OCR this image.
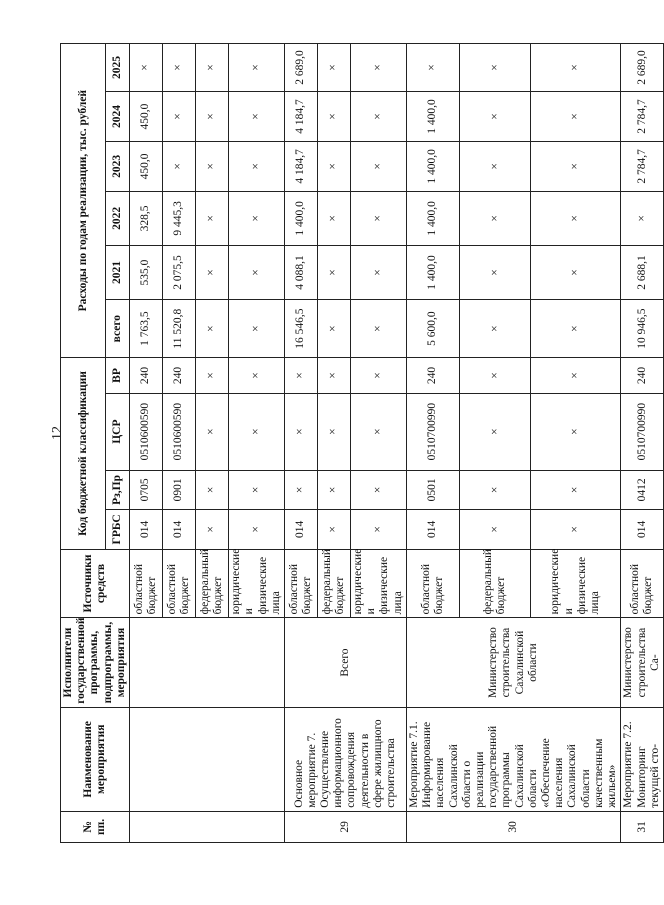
12
№ пп.	Наименование мероприятия	Исполнители государственной программы, подпрограммы, мероприятия	Источники средств	Код бюджетной классификации				Расходы по годам реализации, тыс. рублей					
				ГРБС	Рз,Пр	ЦСР	ВР	всего	2021	2022	2023	2024	2025
			областной бюджет	014	0705	0510600590	240	1 763,5	535,0	328,5	450,0	450,0	×
			областной бюджет	014	0901	0510600590	240	11 520,8	2 075,5	9 445,3	×	×	×
			федеральный бюджет	×	×	×	×	×	×	×	×	×	×
			юридические и физические лица	×	×	×	×	×	×	×	×	×	×
29	Основное мероприятие 7. Осуществление информационного сопровождения деятельности в сфере жилищного строительства	Всего	областной бюджет	014	×	×	×	16 546,5	4 088,1	1 400,0	4 184,7	4 184,7	2 689,0
			федеральный бюджет	×	×	×	×	×	×	×	×	×	×
			юридические и физические лица	×	×	×	×	×	×	×	×	×	×
30	Мероприятие 7.1. Информирование населения Сахалинской области о реализации государственной программы Сахалинской области «Обеспечение населения Сахалинской области качественным жильем»	Министерство строительства Сахалинской области	областной бюджет	014	0501	0510700990	240	5 600,0	1 400,0	1 400,0	1 400,0	1 400,0	×
			федеральный бюджет	×	×	×	×	×	×	×	×	×	×
			юридические и физические лица	×	×	×	×	×	×	×	×	×	×
31	Мероприятие 7.2. Мониторинг текущей сто-	Министерство строительства Са-	областной бюджет	014	0412	0510700990	240	10 946,5	2 688,1	×	2 784,7	2 784,7	2 689,0
